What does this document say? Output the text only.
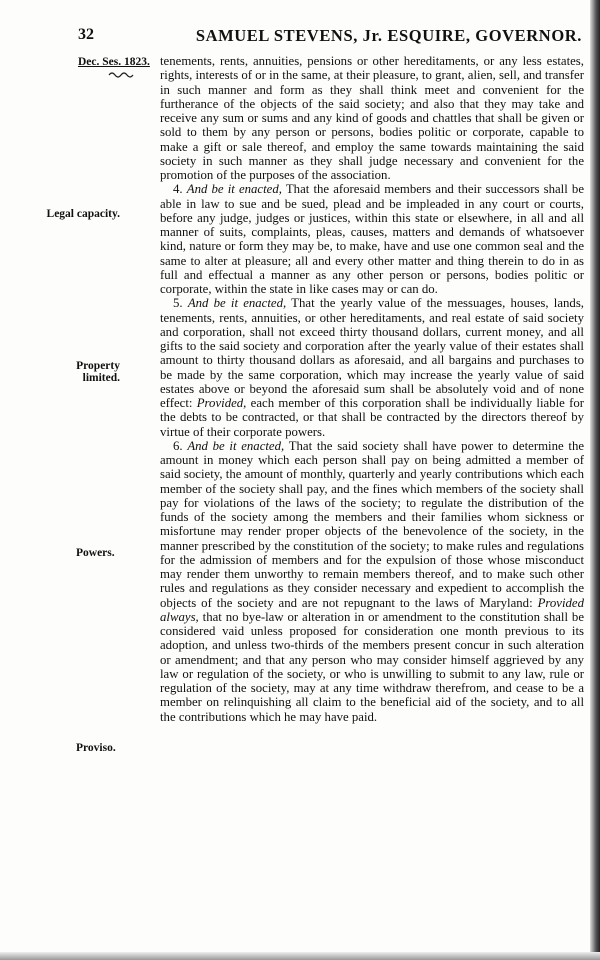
32	SAMUEL STEVENS, Jr. ESQUIRE, GOVERNOR.
Dec. Ses. 1823.
Legal capacity.
Property limited.
Powers.
Proviso.

tenements, rents, annuities, pensions or other hereditaments, or any less estates, rights, interests of or in the same, at their pleasure, to grant, alien, sell, and transfer in such manner and form as they shall think meet and convenient for the furtherance of the objects of the said society; and also that they may take and receive any sum or sums and any kind of goods and chattles that shall be given or sold to them by any person or persons, bodies politic or corporate, capable to make a gift or sale thereof, and employ the same towards maintaining the said society in such manner as they shall judge necessary and convenient for the promotion of the purposes of the association.

4. And be it enacted, That the aforesaid members and their successors shall be able in law to sue and be sued, plead and be impleaded in any court or courts, before any judge, judges or justices, within this state or elsewhere, in all and all manner of suits, complaints, pleas, causes, matters and demands of whatsoever kind, nature or form they may be, to make, have and use one common seal and the same to alter at pleasure; all and every other matter and thing therein to do in as full and effectual a manner as any other person or persons, bodies politic or corporate, within the state in like cases may or can do.

5. And be it enacted, That the yearly value of the messuages, houses, lands, tenements, rents, annuities, or other hereditaments, and real estate of said society and corporation, shall not exceed thirty thousand dollars, current money, and all gifts to the said society and corporation after the yearly value of their estates shall amount to thirty thousand dollars as aforesaid, and all bargains and purchases to be made by the same corporation, which may increase the yearly value of said estates above or beyond the aforesaid sum shall be absolutely void and of none effect: Provided, each member of this corporation shall be individually liable for the debts to be contracted, or that shall be contracted by the directors thereof by virtue of their corporate powers.

6. And be it enacted, That the said society shall have power to determine the amount in money which each person shall pay on being admitted a member of said society, the amount of monthly, quarterly and yearly contributions which each member of the society shall pay, and the fines which members of the society shall pay for violations of the laws of the society; to regulate the distribution of the funds of the society among the members and their families whom sickness or misfortune may render proper objects of the benevolence of the society, in the manner prescribed by the constitution of the society; to make rules and regulations for the admission of members and for the expulsion of those whose misconduct may render them unworthy to remain members thereof, and to make such other rules and regulations as they consider necessary and expedient to accomplish the objects of the society and are not repugnant to the laws of Maryland: Provided always, that no bye-law or alteration in or amendment to the constitution shall be considered vaid unless proposed for consideration one month previous to its adoption, and unless two-thirds of the members present concur in such alteration or amendment; and that any person who may consider himself aggrieved by any law or regulation of the society, or who is unwilling to submit to any law, rule or regulation of the society, may at any time withdraw therefrom, and cease to be a member on relinquishing all claim to the beneficial aid of the society, and to all the contributions which he may have paid.
